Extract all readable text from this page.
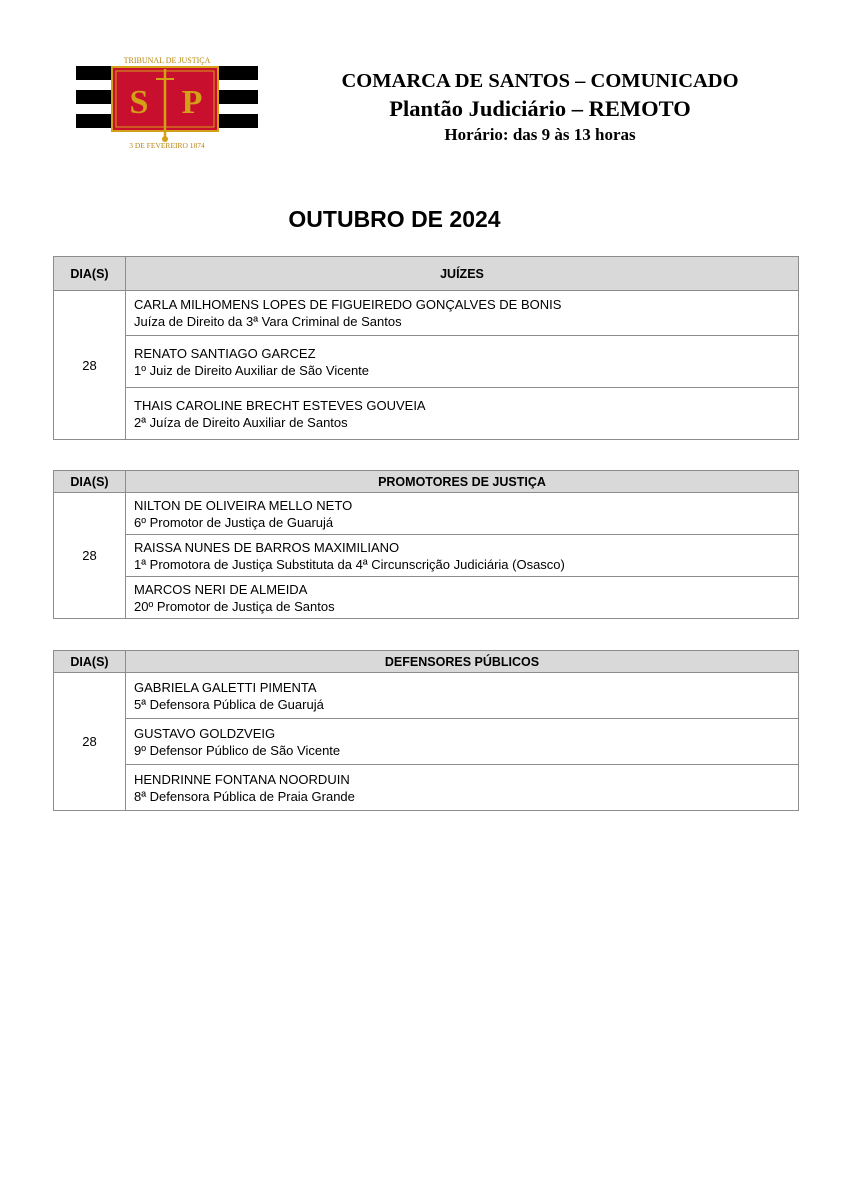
S P
TRIBUNAL DE JUSTIÇA
3 DE FEVEREIRO 1874
COMARCA DE SANTOS – COMUNICADO
Plantão Judiciário – REMOTO
Horário: das 9 às 13 horas
OUTUBRO DE 2024
DIA(S)	JUÍZES
28	CARLA MILHOMENS LOPES DE FIGUEIREDO GONÇALVES DE BONIS
Juíza de Direito da 3ª Vara Criminal de Santos

	RENATO SANTIAGO GARCEZ
1º Juiz de Direito Auxiliar de São Vicente

	THAIS CAROLINE BRECHT ESTEVES GOUVEIA
2ª Juíza de Direito Auxiliar de Santos
DIA(S)	PROMOTORES DE JUSTIÇA
28	NILTON DE OLIVEIRA MELLO NETO
6º Promotor de Justiça de Guarujá

	RAISSA NUNES DE BARROS MAXIMILIANO
1ª Promotora de Justiça Substituta da 4ª Circunscrição Judiciária (Osasco)

	MARCOS NERI DE ALMEIDA
20º Promotor de Justiça de Santos
DIA(S)	DEFENSORES PÚBLICOS
28	GABRIELA GALETTI PIMENTA
5ª Defensora Pública de Guarujá

	GUSTAVO GOLDZVEIG
9º Defensor Público de São Vicente

	HENDRINNE FONTANA NOORDUIN
8ª Defensora Pública de Praia Grande
